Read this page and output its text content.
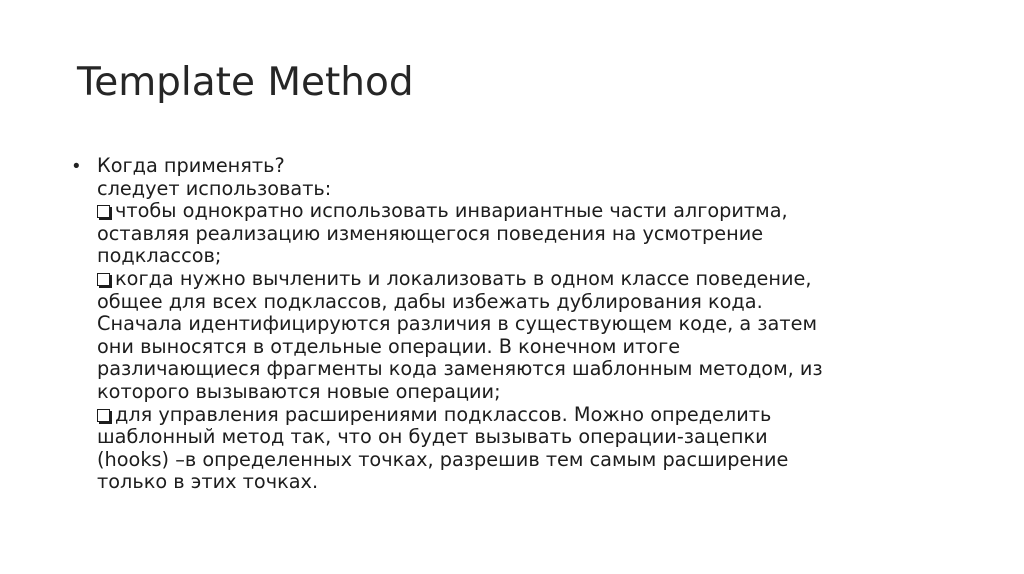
Template Method
• Когда применять?
следует использовать:
чтобы однократно использовать инвариантные части алгоритма,
оставляя реализацию изменяющегося поведения на усмотрение
подклассов;
когда нужно вычленить и локализовать в одном классе поведение,
общее для всех подклассов, дабы избежать дублирования кода.
Сначала идентифицируются различия в существующем коде, а затем
они выносятся в отдельные операции. В конечном итоге
различающиеся фрагменты кода заменяются шаблонным методом, из
которого вызываются новые операции;
для управления расширениями подклассов. Можно определить
шаблонный метод так, что он будет вызывать операции-зацепки
(hooks) –в определенных точках, разрешив тем самым расширение
только в этих точках.
